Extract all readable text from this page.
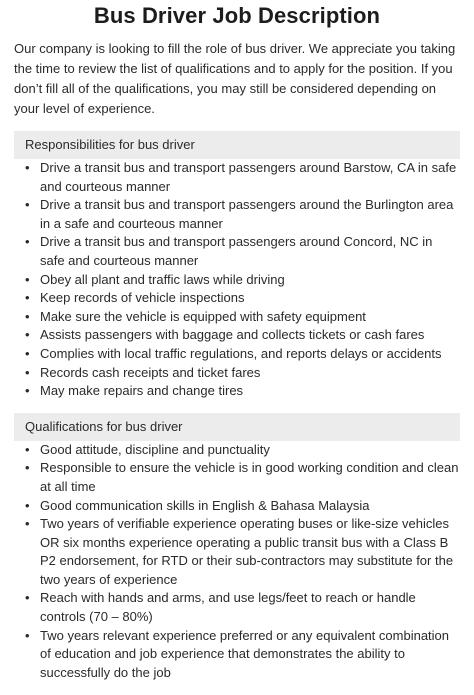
Bus Driver Job Description

Our company is looking to fill the role of bus driver. We appreciate you taking the time to review the list of qualifications and to apply for the position. If you don’t fill all of the qualifications, you may still be considered depending on your level of experience.

Responsibilities for bus driver
• Drive a transit bus and transport passengers around Barstow, CA in safe and courteous manner
• Drive a transit bus and transport passengers around the Burlington area in a safe and courteous manner
• Drive a transit bus and transport passengers around Concord, NC in safe and courteous manner
• Obey all plant and traffic laws while driving
• Keep records of vehicle inspections
• Make sure the vehicle is equipped with safety equipment
• Assists passengers with baggage and collects tickets or cash fares
• Complies with local traffic regulations, and reports delays or accidents
• Records cash receipts and ticket fares
• May make repairs and change tires
Qualifications for bus driver
• Good attitude, discipline and punctuality
• Responsible to ensure the vehicle is in good working condition and clean at all time
• Good communication skills in English & Bahasa Malaysia
• Two years of verifiable experience operating buses or like-size vehicles OR six months experience operating a public transit bus with a Class B P2 endorsement, for RTD or their sub-contractors may substitute for the two years of experience
• Reach with hands and arms, and use legs/feet to reach or handle controls (70 – 80%)
• Two years relevant experience preferred or any equivalent combination of education and job experience that demonstrates the ability to successfully do the job
